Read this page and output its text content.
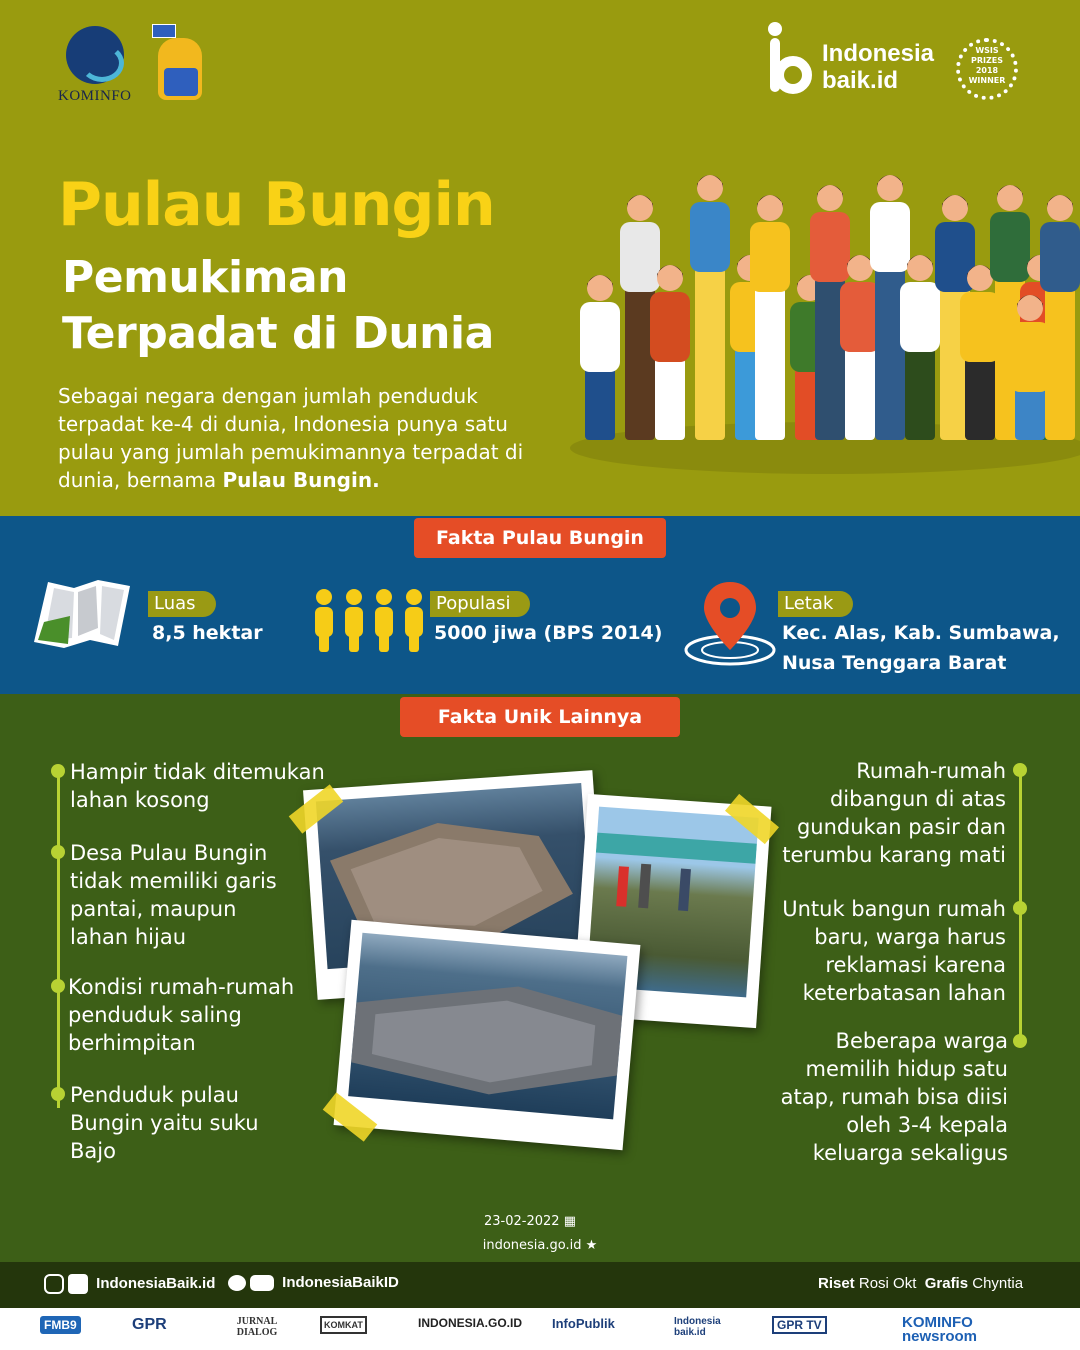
KOMINFO
Indonesia
baik.id
WSIS PRIZES 2018 WINNER
Pulau Bungin
Pemukiman
Terpadat di Dunia
Sebagai negara dengan jumlah penduduk terpadat ke-4 di dunia, Indonesia punya satu pulau yang jumlah pemukimannya terpadat di dunia, bernama Pulau Bungin.
Fakta Pulau Bungin
Luas
8,5 hektar
Populasi
5000 jiwa (BPS 2014)
Letak
Kec. Alas, Kab. Sumbawa,
Nusa Tenggara Barat
Fakta Unik Lainnya
Hampir tidak ditemukan lahan kosong
Desa Pulau Bungin tidak memiliki garis pantai, maupun lahan hijau
Kondisi rumah-rumah penduduk saling berhimpitan
Penduduk pulau Bungin yaitu suku Bajo
Rumah-rumah dibangun di atas gundukan pasir dan terumbu karang mati
Untuk bangun rumah baru, warga harus reklamasi karena keterbatasan lahan
Beberapa warga memilih hidup satu atap, rumah bisa diisi oleh 3-4 kepala keluarga sekaligus
23-02-2022 ▦
indonesia.go.id ★
IndonesiaBaik.id	IndonesiaBaikID	Riset Rosi Okt Grafis Chyntia
FMB9	GPR	JURNAL DIALOG
KOMKAT	INDONESIA.GO.ID InfoPublik	Indonesia baik.id
GPR TV	KOMINFO newsroom
